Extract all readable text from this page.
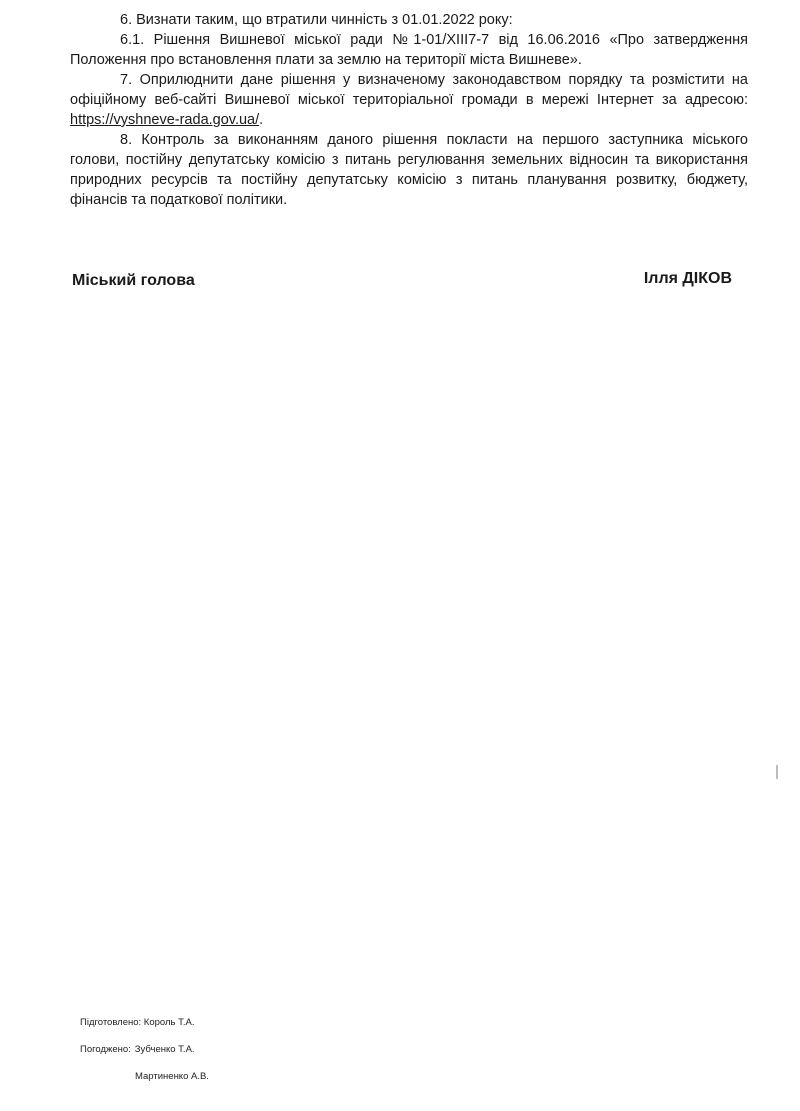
6. Визнати таким, що втратили чинність з 01.01.2022 року:

6.1. Рішення Вишневої міської ради №1-01/XIII7-7 від 16.06.2016 «Про затвердження Положення про встановлення плати за землю на території міста Вишневе».

7. Оприлюднити дане рішення у визначеному законодавством порядку та розмістити на офіційному веб-сайті Вишневої міської територіальної громади в мережі Інтернет за адресою: https://vyshneve-rada.gov.ua/.

8. Контроль за виконанням даного рішення покласти на першого заступника міського голови, постійну депутатську комісію з питань регулювання земельних відносин та використання природних ресурсів та постійну депутатську комісію з питань планування розвитку, бюджету, фінансів та податкової політики.

Міський голова	Ілля ДІКОВ
Підготовлено: Король Т.А.
Погоджено: Зубченко Т.А.
Мартиненко А.В.
